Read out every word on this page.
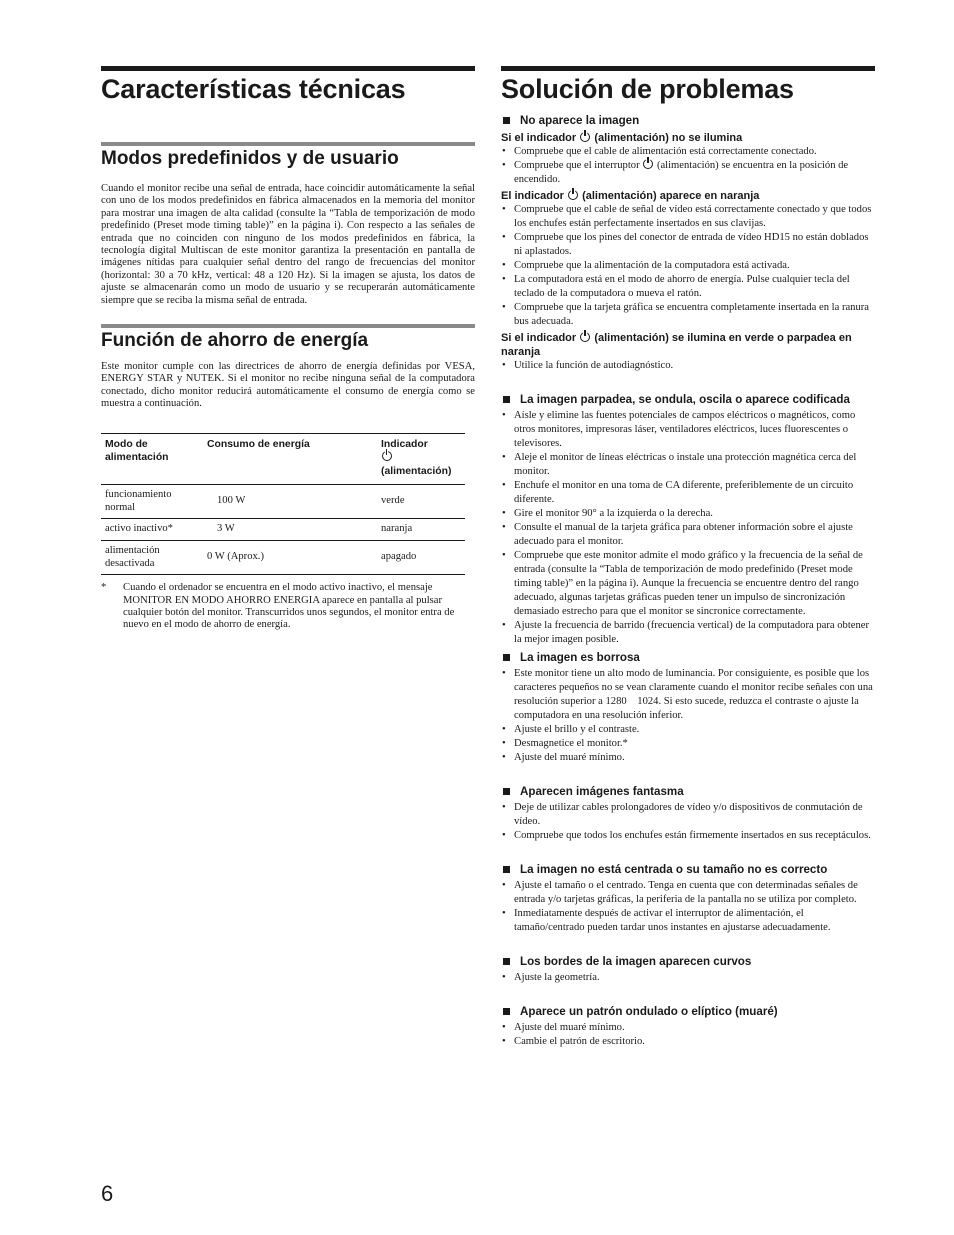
Características técnicas
Modos predefinidos y de usuario
Cuando el monitor recibe una señal de entrada, hace coincidir automáticamente la señal con uno de los modos predefinidos en fábrica almacenados en la memoria del monitor para mostrar una imagen de alta calidad (consulte la “Tabla de temporización de modo predefinido (Preset mode timing table)” en la página i). Con respecto a las señales de entrada que no coinciden con ninguno de los modos predefinidos en fábrica, la tecnología digital Multiscan de este monitor garantiza la presentación en pantalla de imágenes nítidas para cualquier señal dentro del rango de frecuencias del monitor (horizontal: 30 a 70 kHz, vertical: 48 a 120 Hz). Si la imagen se ajusta, los datos de ajuste se almacenarán como un modo de usuario y se recuperarán automáticamente siempre que se reciba la misma señal de entrada.
Función de ahorro de energía
Este monitor cumple con las directrices de ahorro de energía definidas por VESA, ENERGY STAR y NUTEK. Si el monitor no recibe ninguna señal de la computadora conectado, dicho monitor reducirá automáticamente el consumo de energía como se muestra a continuación.
Modo de alimentación	Consumo de energía	Indicador
(alimentación)
funcionamiento normal	100 W	verde
activo inactivo*	3 W	naranja
alimentación desactivada	0 W (Aprox.)	apagado
*	Cuando el ordenador se encuentra en el modo activo inactivo, el mensaje MONITOR EN MODO AHORRO ENERGIA aparece en pantalla al pulsar cualquier botón del monitor. Transcurridos unos segundos, el monitor entra de nuevo en el modo de ahorro de energía.
Solución de problemas
No aparece la imagen
Si el indicador (alimentación) no se ilumina
• Compruebe que el cable de alimentación está correctamente conectado.
• Compruebe que el interruptor (alimentación) se encuentra en la posición de encendido.
El indicador (alimentación) aparece en naranja
• Compruebe que el cable de señal de vídeo está correctamente conectado y que todos los enchufes están perfectamente insertados en sus clavijas.
• Compruebe que los pines del conector de entrada de vídeo HD15 no están doblados ni aplastados.
• Compruebe que la alimentación de la computadora está activada.
• La computadora está en el modo de ahorro de energía. Pulse cualquier tecla del teclado de la computadora o mueva el ratón.
• Compruebe que la tarjeta gráfica se encuentra completamente insertada en la ranura bus adecuada.
Si el indicador (alimentación) se ilumina en verde o parpadea en naranja
• Utilice la función de autodiagnóstico.
La imagen parpadea, se ondula, oscila o aparece codificada
• Aísle y elimine las fuentes potenciales de campos eléctricos o magnéticos, como otros monitores, impresoras láser, ventiladores eléctricos, luces fluorescentes o televisores.
• Aleje el monitor de líneas eléctricas o instale una protección magnética cerca del monitor.
• Enchufe el monitor en una toma de CA diferente, preferiblemente de un circuito diferente.
• Gire el monitor 90° a la izquierda o la derecha.
• Consulte el manual de la tarjeta gráfica para obtener información sobre el ajuste adecuado para el monitor.
• Compruebe que este monitor admite el modo gráfico y la frecuencia de la señal de entrada (consulte la “Tabla de temporización de modo predefinido (Preset mode timing table)” en la página i). Aunque la frecuencia se encuentre dentro del rango adecuado, algunas tarjetas gráficas pueden tener un impulso de sincronización demasiado estrecho para que el monitor se sincronice correctamente.
• Ajuste la frecuencia de barrido (frecuencia vertical) de la computadora para obtener la mejor imagen posible.
La imagen es borrosa
• Este monitor tiene un alto modo de luminancia. Por consiguiente, es posible que los caracteres pequeños no se vean claramente cuando el monitor recibe señales con una resolución superior a 1280    1024. Si esto sucede, reduzca el contraste o ajuste la computadora en una resolución inferior.
• Ajuste el brillo y el contraste.
• Desmagnetice el monitor.*
• Ajuste del muaré mínimo.
Aparecen imágenes fantasma
• Deje de utilizar cables prolongadores de vídeo y/o dispositivos de conmutación de vídeo.
• Compruebe que todos los enchufes están firmemente insertados en sus receptáculos.
La imagen no está centrada o su tamaño no es correcto
• Ajuste el tamaño o el centrado. Tenga en cuenta que con determinadas señales de entrada y/o tarjetas gráficas, la periferia de la pantalla no se utiliza por completo.
• Inmediatamente después de activar el interruptor de alimentación, el tamaño/centrado pueden tardar unos instantes en ajustarse adecuadamente.
Los bordes de la imagen aparecen curvos
• Ajuste la geometría.
Aparece un patrón ondulado o elíptico (muaré)
• Ajuste del muaré mínimo.
• Cambie el patrón de escritorio.
6
